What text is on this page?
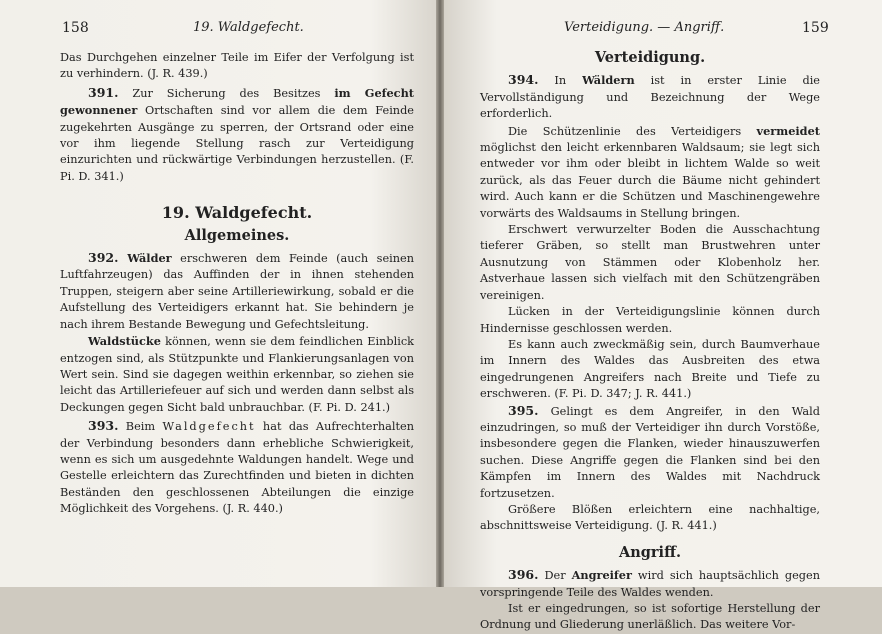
158	19. Waldgefecht.

Das Durchgehen einzelner Teile im Eifer der Verfolgung ist zu verhindern. (J. R. 439.)

391. Zur Sicherung des Besitzes im Gefecht gewonnener Ortschaften sind vor allem die dem Feinde zugekehrten Ausgänge zu sperren, der Ortsrand oder eine vor ihm liegende Stellung rasch zur Verteidigung einzurichten und rückwärtige Verbindungen herzustellen. (F. Pi. D. 341.)

19. Waldgefecht.
Allgemeines.

392. Wälder erschweren dem Feinde (auch seinen Luftfahrzeugen) das Auffinden der in ihnen stehenden Truppen, steigern aber seine Artilleriewirkung, sobald er die Aufstellung des Verteidigers erkannt hat. Sie behindern je nach ihrem Bestande Bewegung und Gefechtsleitung.

Waldstücke können, wenn sie dem feindlichen Einblick entzogen sind, als Stützpunkte und Flankierungsanlagen von Wert sein. Sind sie dagegen weithin erkennbar, so ziehen sie leicht das Artilleriefeuer auf sich und werden dann selbst als Deckungen gegen Sicht bald unbrauchbar. (F. Pi. D. 241.)

393. Beim Waldgefecht hat das Aufrechterhalten der Verbindung besonders dann erhebliche Schwierigkeit, wenn es sich um ausgedehnte Waldungen handelt. Wege und Gestelle erleichtern das Zurechtfinden und bieten in dichten Beständen den geschlossenen Abteilungen die einzige Möglichkeit des Vorgehens. (J. R. 440.)

Verteidigung. — Angriff.	159
Verteidigung.

394. In Wäldern ist in erster Linie die Vervollständigung und Bezeichnung der Wege erforderlich.

Die Schützenlinie des Verteidigers vermeidet möglichst den leicht erkennbaren Waldsaum; sie legt sich entweder vor ihm oder bleibt in lichtem Walde so weit zurück, als das Feuer durch die Bäume nicht gehindert wird. Auch kann er die Schützen und Maschinengewehre vorwärts des Waldsaums in Stellung bringen.

Erschwert verwurzelter Boden die Ausschachtung tieferer Gräben, so stellt man Brustwehren unter Ausnutzung von Stämmen oder Klobenholz her. Astverhaue lassen sich vielfach mit den Schützengräben vereinigen.

Lücken in der Verteidigungslinie können durch Hindernisse geschlossen werden.

Es kann auch zweckmäßig sein, durch Baumverhaue im Innern des Waldes das Ausbreiten des etwa eingedrungenen Angreifers nach Breite und Tiefe zu erschweren. (F. Pi. D. 347; J. R. 441.)

395. Gelingt es dem Angreifer, in den Wald einzudringen, so muß der Verteidiger ihn durch Vorstöße, insbesondere gegen die Flanken, wieder hinauszuwerfen suchen. Diese Angriffe gegen die Flanken sind bei den Kämpfen im Innern des Waldes mit Nachdruck fortzusetzen.

Größere Blößen erleichtern eine nachhaltige, abschnittsweise Verteidigung. (J. R. 441.)

Angriff.

396. Der Angreifer wird sich hauptsächlich gegen vorspringende Teile des Waldes wenden.

Ist er eingedrungen, so ist sofortige Herstellung der Ordnung und Gliederung unerläßlich. Das weitere Vor-
